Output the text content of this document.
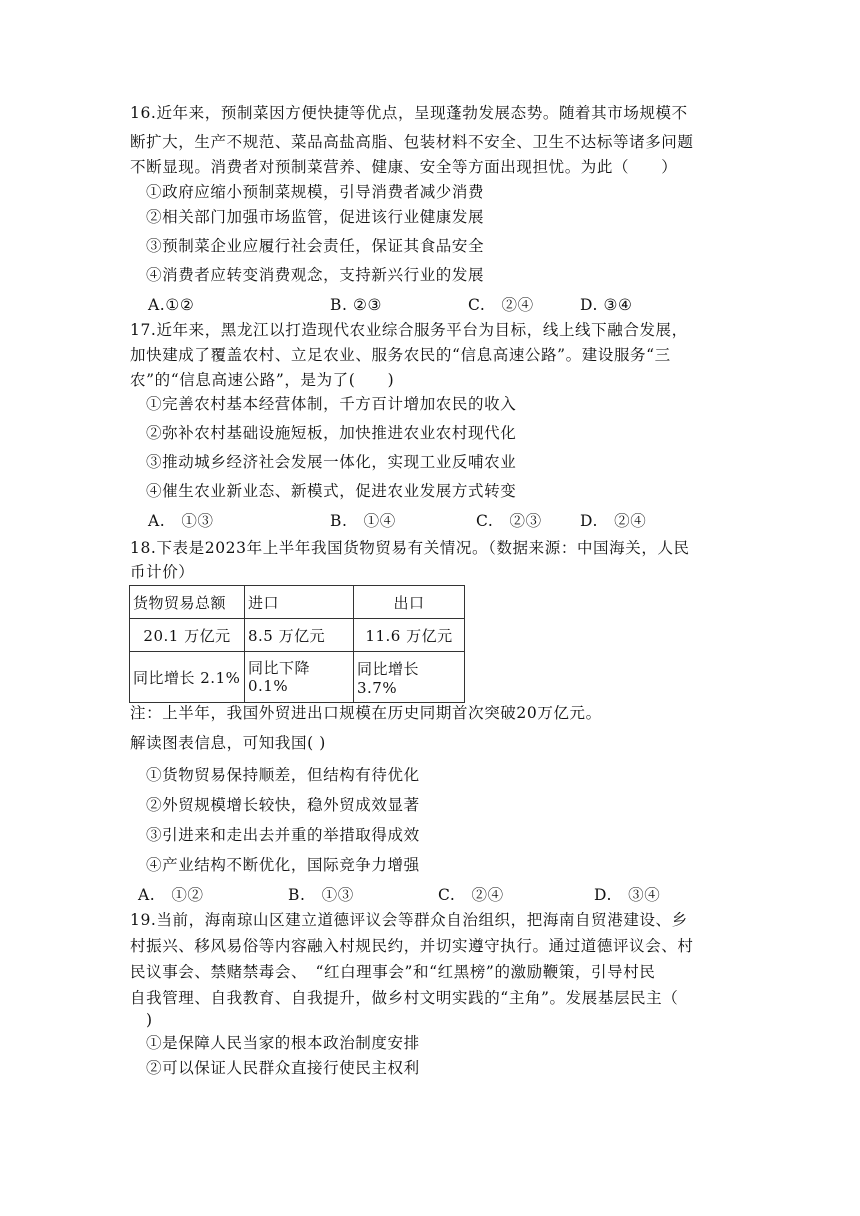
16.近年来，预制菜因方便快捷等优点，呈现蓬勃发展态势。随着其市场规模不
断扩大，生产不规范、菜品高盐高脂、包装材料不安全、卫生不达标等诸多问题
不断显现。消费者对预制菜营养、健康、安全等方面出现担忧。为此（　　）
①政府应缩小预制菜规模，引导消费者减少消费
②相关部门加强市场监管，促进该行业健康发展
③预制菜企业应履行社会责任，保证其食品安全
④消费者应转变消费观念，支持新兴行业的发展
A.①②	B. ②③	C.　②④	D. ③④
17.近年来，黑龙江以打造现代农业综合服务平台为目标，线上线下融合发展，
加快建成了覆盖农村、立足农业、服务农民的“信息高速公路”。建设服务“三
农”的“信息高速公路”，是为了(　　)
①完善农村基本经营体制，千方百计增加农民的收入
②弥补农村基础设施短板，加快推进农业农村现代化
③推动城乡经济社会发展一体化，实现工业反哺农业
④催生农业新业态、新模式，促进农业发展方式转变
A.　①③	B.　①④	C.　②③ D.　②④
18.下表是2023年上半年我国货物贸易有关情况。（数据来源：中国海关，人民
币计价）
货物贸易总额	进口	出口
20.1 万亿元	8.5 万亿元	11.6 万亿元
同比增长 2.1%	同比下降　0.1%	同比增长 3.7%
注：上半年，我国外贸进出口规模在历史同期首次突破20万亿元。
解读图表信息，可知我国( )
①货物贸易保持顺差，但结构有待优化
②外贸规模增长较快，稳外贸成效显著
③引进来和走出去并重的举措取得成效
④产业结构不断优化，国际竞争力增强
A.　①②	B.　①③	C.　②④	D.　③④
19.当前，海南琼山区建立道德评议会等群众自治组织，把海南自贸港建设、乡
村振兴、移风易俗等内容融入村规民约，并切实遵守执行。通过道德评议会、村
民议事会、禁赌禁毒会、　“红白理事会”和“红黑榜”的激励鞭策，引导村民
自我管理、自我教育、自我提升，做乡村文明实践的“主角”。发展基层民主（
)
①是保障人民当家的根本政治制度安排
②可以保证人民群众直接行使民主权利
